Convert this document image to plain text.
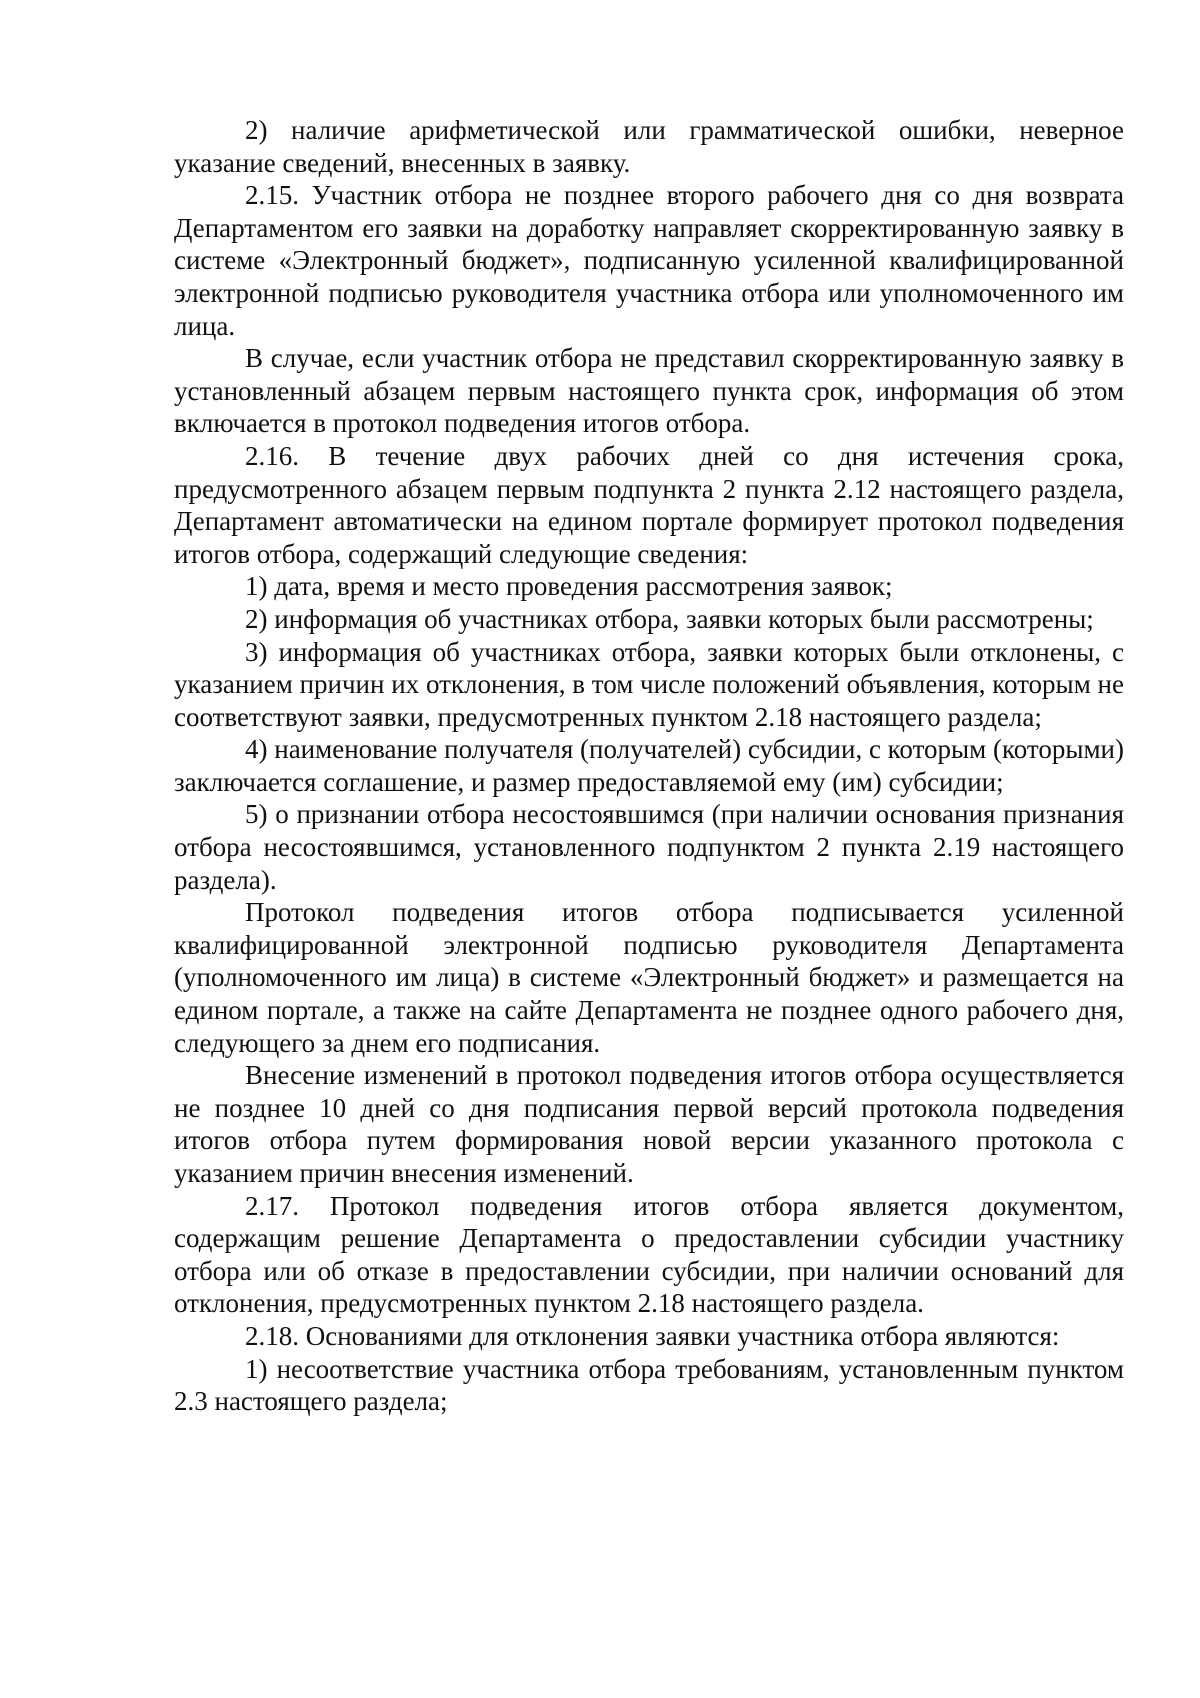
2) наличие арифметической или грамматической ошибки, неверное указание сведений, внесенных в заявку.

2.15. Участник отбора не позднее второго рабочего дня со дня возврата Департаментом его заявки на доработку направляет скорректированную заявку в системе «Электронный бюджет», подписанную усиленной квалифицированной электронной подписью руководителя участника отбора или уполномоченного им лица.

В случае, если участник отбора не представил скорректированную заявку в установленный абзацем первым настоящего пункта срок, информация об этом включается в протокол подведения итогов отбора.

2.16. В течение двух рабочих дней со дня истечения срока, предусмотренного абзацем первым подпункта 2 пункта 2.12 настоящего раздела, Департамент автоматически на едином портале формирует протокол подведения итогов отбора, содержащий следующие сведения:

1) дата, время и место проведения рассмотрения заявок;

2) информация об участниках отбора, заявки которых были рассмотрены;

3) информация об участниках отбора, заявки которых были отклонены, с указанием причин их отклонения, в том числе положений объявления, которым не соответствуют заявки, предусмотренных пунктом 2.18 настоящего раздела;

4) наименование получателя (получателей) субсидии, с которым (которыми) заключается соглашение, и размер предоставляемой ему (им) субсидии;

5) о признании отбора несостоявшимся (при наличии основания признания отбора несостоявшимся, установленного подпунктом 2 пункта 2.19 настоящего раздела).

Протокол подведения итогов отбора подписывается усиленной квалифицированной электронной подписью руководителя Департамента (уполномоченного им лица) в системе «Электронный бюджет» и размещается на едином портале, а также на сайте Департамента не позднее одного рабочего дня, следующего за днем его подписания.

Внесение изменений в протокол подведения итогов отбора осуществляется не позднее 10 дней со дня подписания первой версий протокола подведения итогов отбора путем формирования новой версии указанного протокола с указанием причин внесения изменений.

2.17. Протокол подведения итогов отбора является документом, содержащим решение Департамента о предоставлении субсидии участнику отбора или об отказе в предоставлении субсидии, при наличии оснований для отклонения, предусмотренных пунктом 2.18 настоящего раздела.

2.18. Основаниями для отклонения заявки участника отбора являются:

1) несоответствие участника отбора требованиям, установленным пунктом 2.3 настоящего раздела;
